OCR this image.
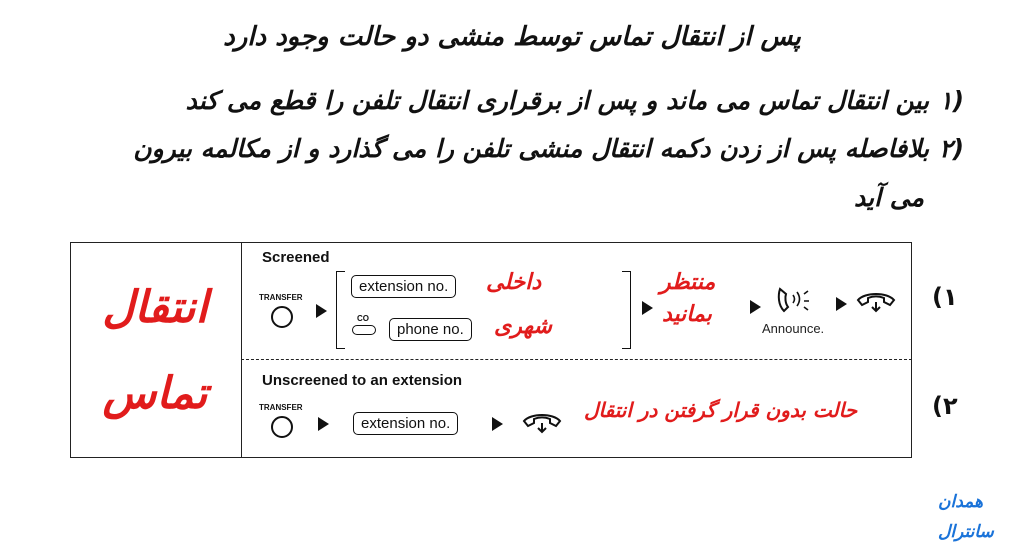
پس از انتقال تماس توسط منشی دو حالت وجود دارد
(۱بین انتقال تماس می ماند و پس از برقراری انتقال تلفن را قطع می کند
(۲بلافاصله پس از زدن دکمه انتقال منشی تلفن را می گذارد و از مکالمه بیرون
می آید
انتقال
تماس
Screened
TRANSFER
extension no.	داخلی
CO
phone no.	شهری
منتظر
بمانید
Announce.
(۱
Unscreened to an extension
TRANSFER
extension no.
حالت بدون قرار گرفتن در انتقال	(۲
همدان
سانترال
